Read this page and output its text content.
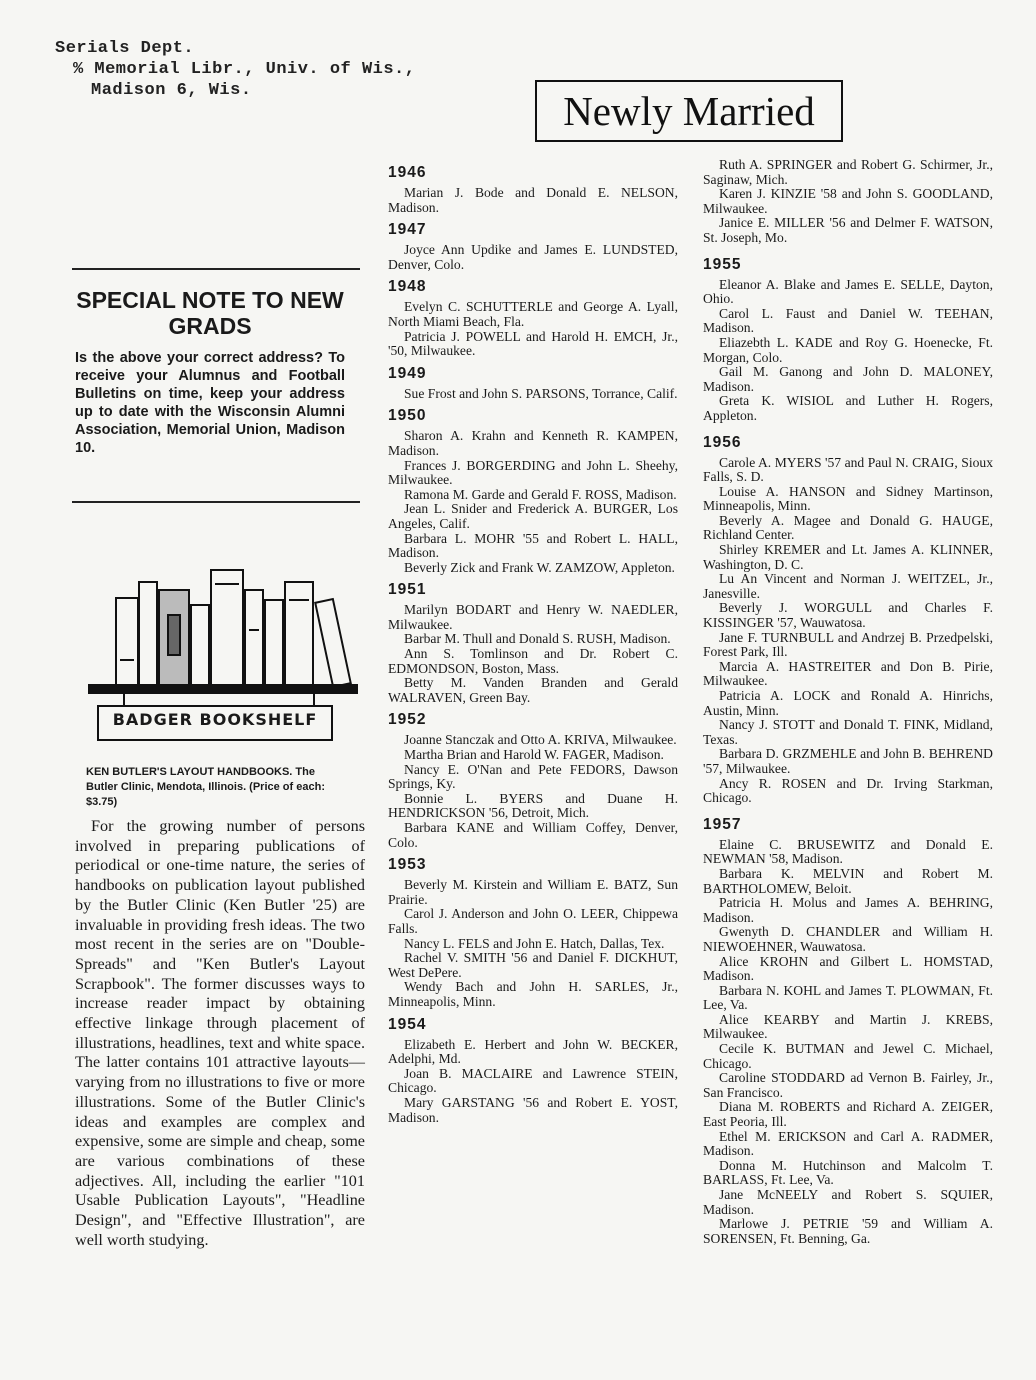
Serials Dept.
% Memorial Libr., Univ. of Wis.,
Madison 6, Wis.	Newly Married
SPECIAL NOTE TO NEW GRADS
Is the above your correct address? To receive your Alumnus and Football Bulletins on time, keep your address up to date with the Wisconsin Alumni Association, Memorial Union, Madison 10.
BADGER BOOKSHELF
KEN BUTLER'S LAYOUT HANDBOOKS. The Butler Clinic, Mendota, Illinois. (Price of each: $3.75)

For the growing number of persons involved in preparing publications of periodical or one-time nature, the series of handbooks on publication layout published by the Butler Clinic (Ken Butler '25) are invaluable in providing fresh ideas. The two most recent in the series are on "Double-Spreads" and "Ken Butler's Layout Scrapbook". The former discusses ways to increase reader impact by obtaining effective linkage through placement of illustrations, headlines, text and white space. The latter contains 101 attractive layouts—varying from no illustrations to five or more illustrations. Some of the Butler Clinic's ideas and examples are complex and expensive, some are simple and cheap, some are various combinations of these adjectives. All, including the earlier "101 Usable Publication Layouts", "Headline Design", and "Effective Illustration", are well worth studying.

1946

Marian J. Bode and Donald E. NELSON, Madison.

1947

Joyce Ann Updike and James E. LUNDSTED, Denver, Colo.

1948

Evelyn C. SCHUTTERLE and George A. Lyall, North Miami Beach, Fla.

Patricia J. POWELL and Harold H. EMCH, Jr., '50, Milwaukee.

1949

Sue Frost and John S. PARSONS, Torrance, Calif.

1950

Sharon A. Krahn and Kenneth R. KAMPEN, Madison.

Frances J. BORGERDING and John L. Sheehy, Milwaukee.

Ramona M. Garde and Gerald F. ROSS, Madison.

Jean L. Snider and Frederick A. BURGER, Los Angeles, Calif.

Barbara L. MOHR '55 and Robert L. HALL, Madison.

Beverly Zick and Frank W. ZAMZOW, Appleton.

1951

Marilyn BODART and Henry W. NAEDLER, Milwaukee.

Barbar M. Thull and Donald S. RUSH, Madison.

Ann S. Tomlinson and Dr. Robert C. EDMONDSON, Boston, Mass.

Betty M. Vanden Branden and Gerald WALRAVEN, Green Bay.

1952

Joanne Stanczak and Otto A. KRIVA, Milwaukee.

Martha Brian and Harold W. FAGER, Madison.

Nancy E. O'Nan and Pete FEDORS, Dawson Springs, Ky.

Bonnie L. BYERS and Duane H. HENDRICKSON '56, Detroit, Mich.

Barbara KANE and William Coffey, Denver, Colo.

1953

Beverly M. Kirstein and William E. BATZ, Sun Prairie.

Carol J. Anderson and John O. LEER, Chippewa Falls.

Nancy L. FELS and John E. Hatch, Dallas, Tex.

Rachel V. SMITH '56 and Daniel F. DICKHUT, West DePere.

Wendy Bach and John H. SARLES, Jr., Minneapolis, Minn.

1954

Elizabeth E. Herbert and John W. BECKER, Adelphi, Md.

Joan B. MACLAIRE and Lawrence STEIN, Chicago.

Mary GARSTANG '56 and Robert E. YOST, Madison.

Ruth A. SPRINGER and Robert G. Schirmer, Jr., Saginaw, Mich.

Karen J. KINZIE '58 and John S. GOODLAND, Milwaukee.

Janice E. MILLER '56 and Delmer F. WATSON, St. Joseph, Mo.

1955

Eleanor A. Blake and James E. SELLE, Dayton, Ohio.

Carol L. Faust and Daniel W. TEEHAN, Madison.

Eliazebth L. KADE and Roy G. Hoenecke, Ft. Morgan, Colo.

Gail M. Ganong and John D. MALONEY, Madison.

Greta K. WISIOL and Luther H. Rogers, Appleton.

1956

Carole A. MYERS '57 and Paul N. CRAIG, Sioux Falls, S. D.

Louise A. HANSON and Sidney Martinson, Minneapolis, Minn.

Beverly A. Magee and Donald G. HAUGE, Richland Center.

Shirley KREMER and Lt. James A. KLINNER, Washington, D. C.

Lu An Vincent and Norman J. WEITZEL, Jr., Janesville.

Beverly J. WORGULL and Charles F. KISSINGER '57, Wauwatosa.

Jane F. TURNBULL and Andrzej B. Przedpelski, Forest Park, Ill.

Marcia A. HASTREITER and Don B. Pirie, Milwaukee.

Patricia A. LOCK and Ronald A. Hinrichs, Austin, Minn.

Nancy J. STOTT and Donald T. FINK, Midland, Texas.

Barbara D. GRZMEHLE and John B. BEHREND '57, Milwaukee.

Ancy R. ROSEN and Dr. Irving Starkman, Chicago.

1957

Elaine C. BRUSEWITZ and Donald E. NEWMAN '58, Madison.

Barbara K. MELVIN and Robert M. BARTHOLOMEW, Beloit.

Patricia H. Molus and James A. BEHRING, Madison.

Gwenyth D. CHANDLER and William H. NIEWOEHNER, Wauwatosa.

Alice KROHN and Gilbert L. HOMSTAD, Madison.

Barbara N. KOHL and James T. PLOWMAN, Ft. Lee, Va.

Alice KEARBY and Martin J. KREBS, Milwaukee.

Cecile K. BUTMAN and Jewel C. Michael, Chicago.

Caroline STODDARD ad Vernon B. Fairley, Jr., San Francisco.

Diana M. ROBERTS and Richard A. ZEIGER, East Peoria, Ill.

Ethel M. ERICKSON and Carl A. RADMER, Madison.

Donna M. Hutchinson and Malcolm T. BARLASS, Ft. Lee, Va.

Jane McNEELY and Robert S. SQUIER, Madison.

Marlowe J. PETRIE '59 and William A. SORENSEN, Ft. Benning, Ga.
